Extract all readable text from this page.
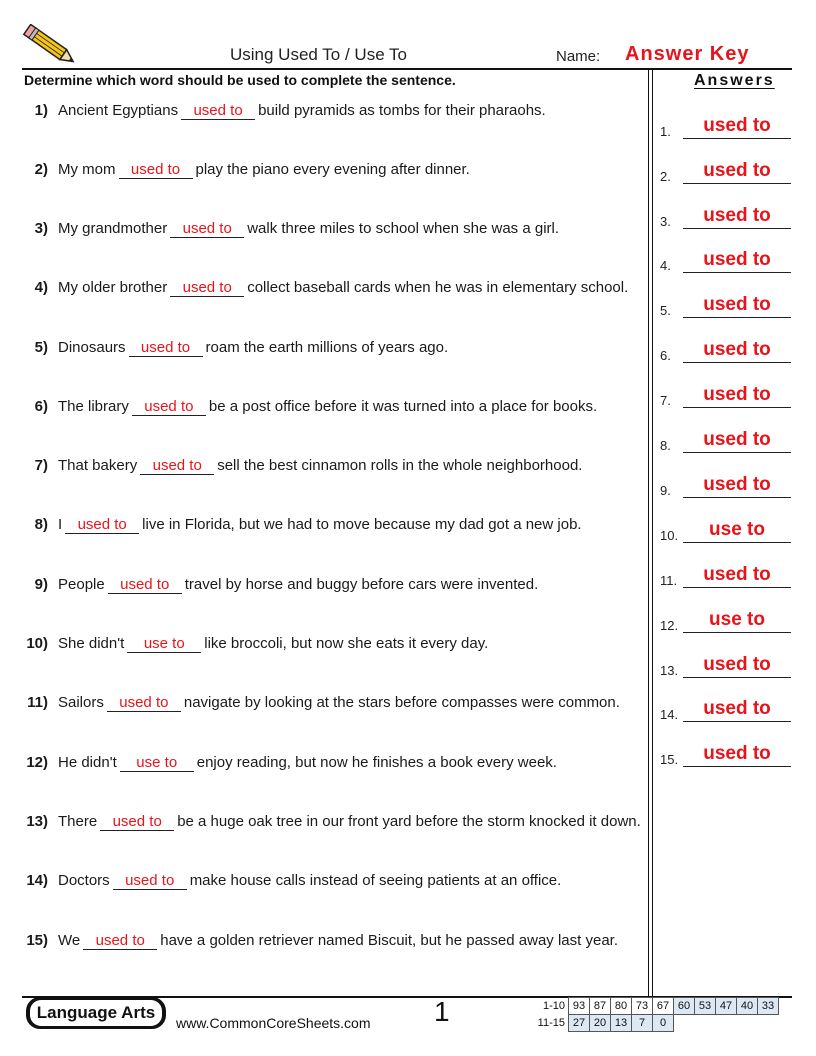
Using Used To / Use To	Name: Answer Key
Determine which word should be used to complete the sentence.	Answers
1) Ancient Egyptians used to build pyramids as tombs for their pharaohs.
2) My mom used to play the piano every evening after dinner.
3) My grandmother used to walk three miles to school when she was a girl.
4) My older brother used to collect baseball cards when he was in elementary school.
5) Dinosaurs used to roam the earth millions of years ago.
6) The library used to be a post office before it was turned into a place for books.
7) That bakery used to sell the best cinnamon rolls in the whole neighborhood.
8) I used to live in Florida, but we had to move because my dad got a new job.
9) People used to travel by horse and buggy before cars were invented.
10) She didn't use to like broccoli, but now she eats it every day.
11) Sailors used to navigate by looking at the stars before compasses were common.
12) He didn't use to enjoy reading, but now he finishes a book every week.
13) There used to be a huge oak tree in our front yard before the storm knocked it down.
14) Doctors used to make house calls instead of seeing patients at an office.
15) We used to have a golden retriever named Biscuit, but he passed away last year.
1.	used to
2.	used to
3.	used to
4.	used to
5.	used to
6.	used to
7.	used to
8.	used to
9.	used to
10.	use to
11.	used to
12.	use to
13.	used to
14.	used to
15.	used to
Language Arts
www.CommonCoreSheets.com 1	1-10	93	87	80	73	67	60	53	47	40	33
11-15	27	20	13	7	0					
